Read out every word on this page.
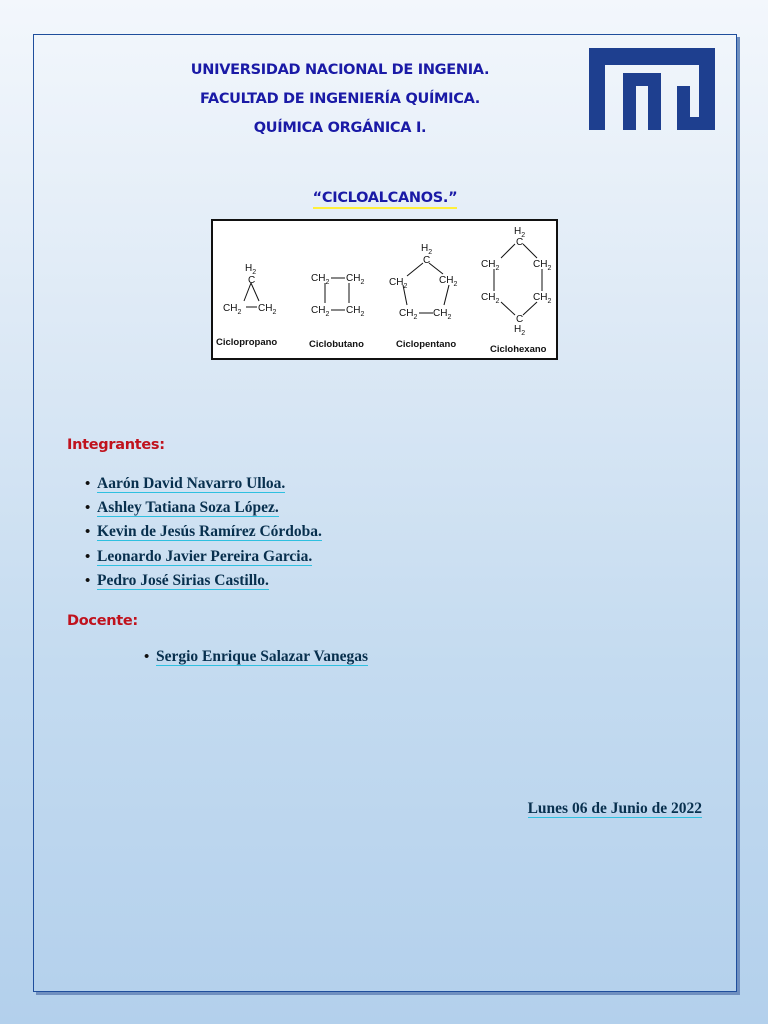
UNIVERSIDAD NACIONAL DE INGENIA.
FACULTAD DE INGENIERÍA QUÍMICA.
QUÍMICA ORGÁNICA I.
“CICLOALCANOS.”
$H_2$
C
$CH_2$ $CH_2$
Ciclopropano
$CH_2$ $CH_2$
$CH_2$ $CH_2$
Ciclobutano
$H_2$
C
$CH_2$
$CH_2$
$CH_2$ $CH_2$
Ciclopentano
$H_2$
C
$CH_2$	$CH_2$
$CH_2$	$CH_2$
C
$H_2$
Ciclohexano
Integrantes:
• Aarón David Navarro Ulloa.
• Ashley Tatiana Soza López.
• Kevin de Jesús Ramírez Córdoba.
• Leonardo Javier Pereira Garcia.
• Pedro José Sirias Castillo.
Docente:
• Sergio Enrique Salazar Vanegas
Lunes 06 de Junio de 2022
